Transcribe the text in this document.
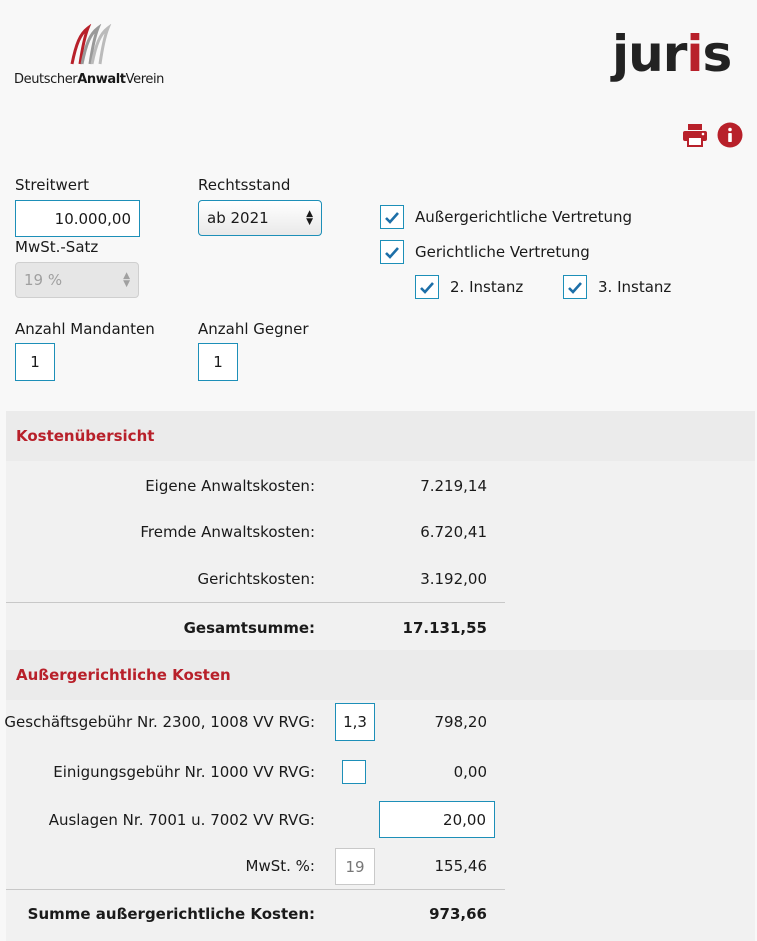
DeutscherAnwaltVerein	juris
Streitwert
10.000,00
Rechtsstand
ab 2021	▲
▼
MwSt.-Satz
19 %	▲
▼
Außergerichtliche Vertretung
Gerichtliche Vertretung
2. Instanz	3. Instanz
Anzahl Mandanten
1
Anzahl Gegner
1
Kostenübersicht
Eigene Anwaltskosten:	7.219,14
Fremde Anwaltskosten:	6.720,41
Gerichtskosten:	3.192,00
Gesamtsumme:	17.131,55
Außergerichtliche Kosten
Geschäftsgebühr Nr. 2300, 1008 VV RVG:	1,3	798,20
Einigungsgebühr Nr. 1000 VV RVG:	0,00
Auslagen Nr. 7001 u. 7002 VV RVG:	20,00
MwSt. %:	19	155,46
Summe außergerichtliche Kosten:	973,66
